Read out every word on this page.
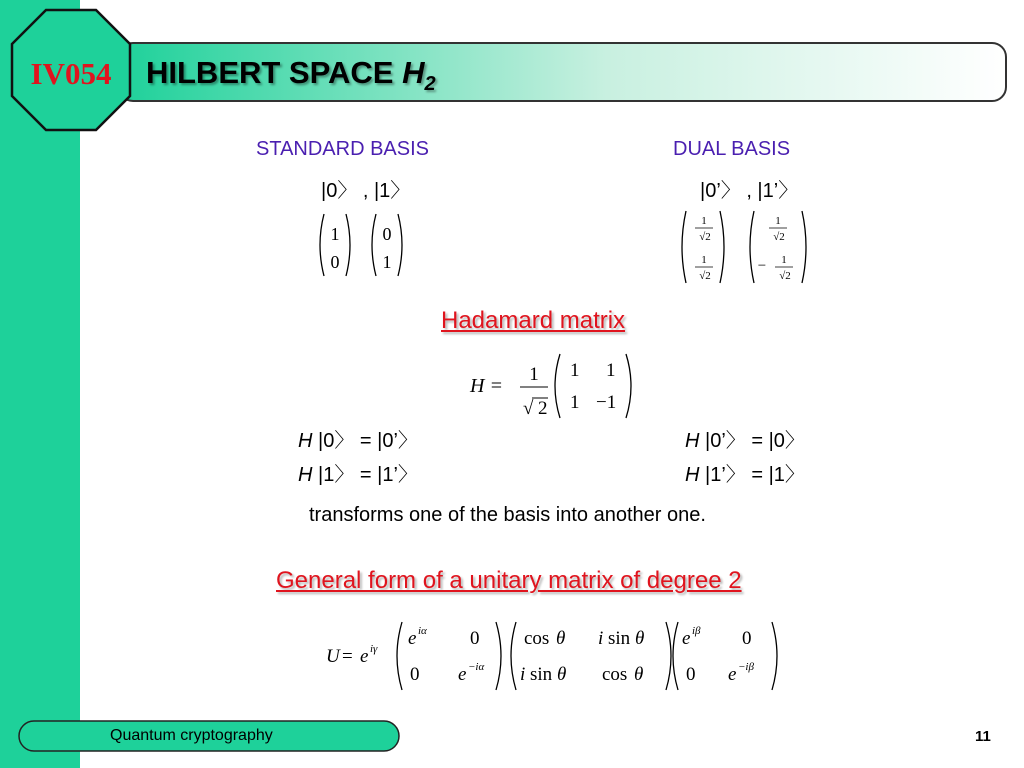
IV054 HILBERT SPACE $H_2$
STANDARD BASIS
|0〉 , |1〉
1
0
0
1
DUAL BASIS
|0’〉 , |1’〉
1
√2
1
√2
1
√2
− 1
√2
Hadamard matrix
H =
1
√ 2
1 1
1 −1
H |0〉 = |0’〉
H |1〉 = |1’〉
H |0’〉 = |0〉
H |1’〉 = |1〉
transforms one of the basis into another one.
General form of a unitary matrix of degree 2
U = e iγ e iα 0
0 e −iα
cos θ i sin θ
i sin θ cos θ
e iβ 0
0 e −iβ
Quantum cryptography	11
